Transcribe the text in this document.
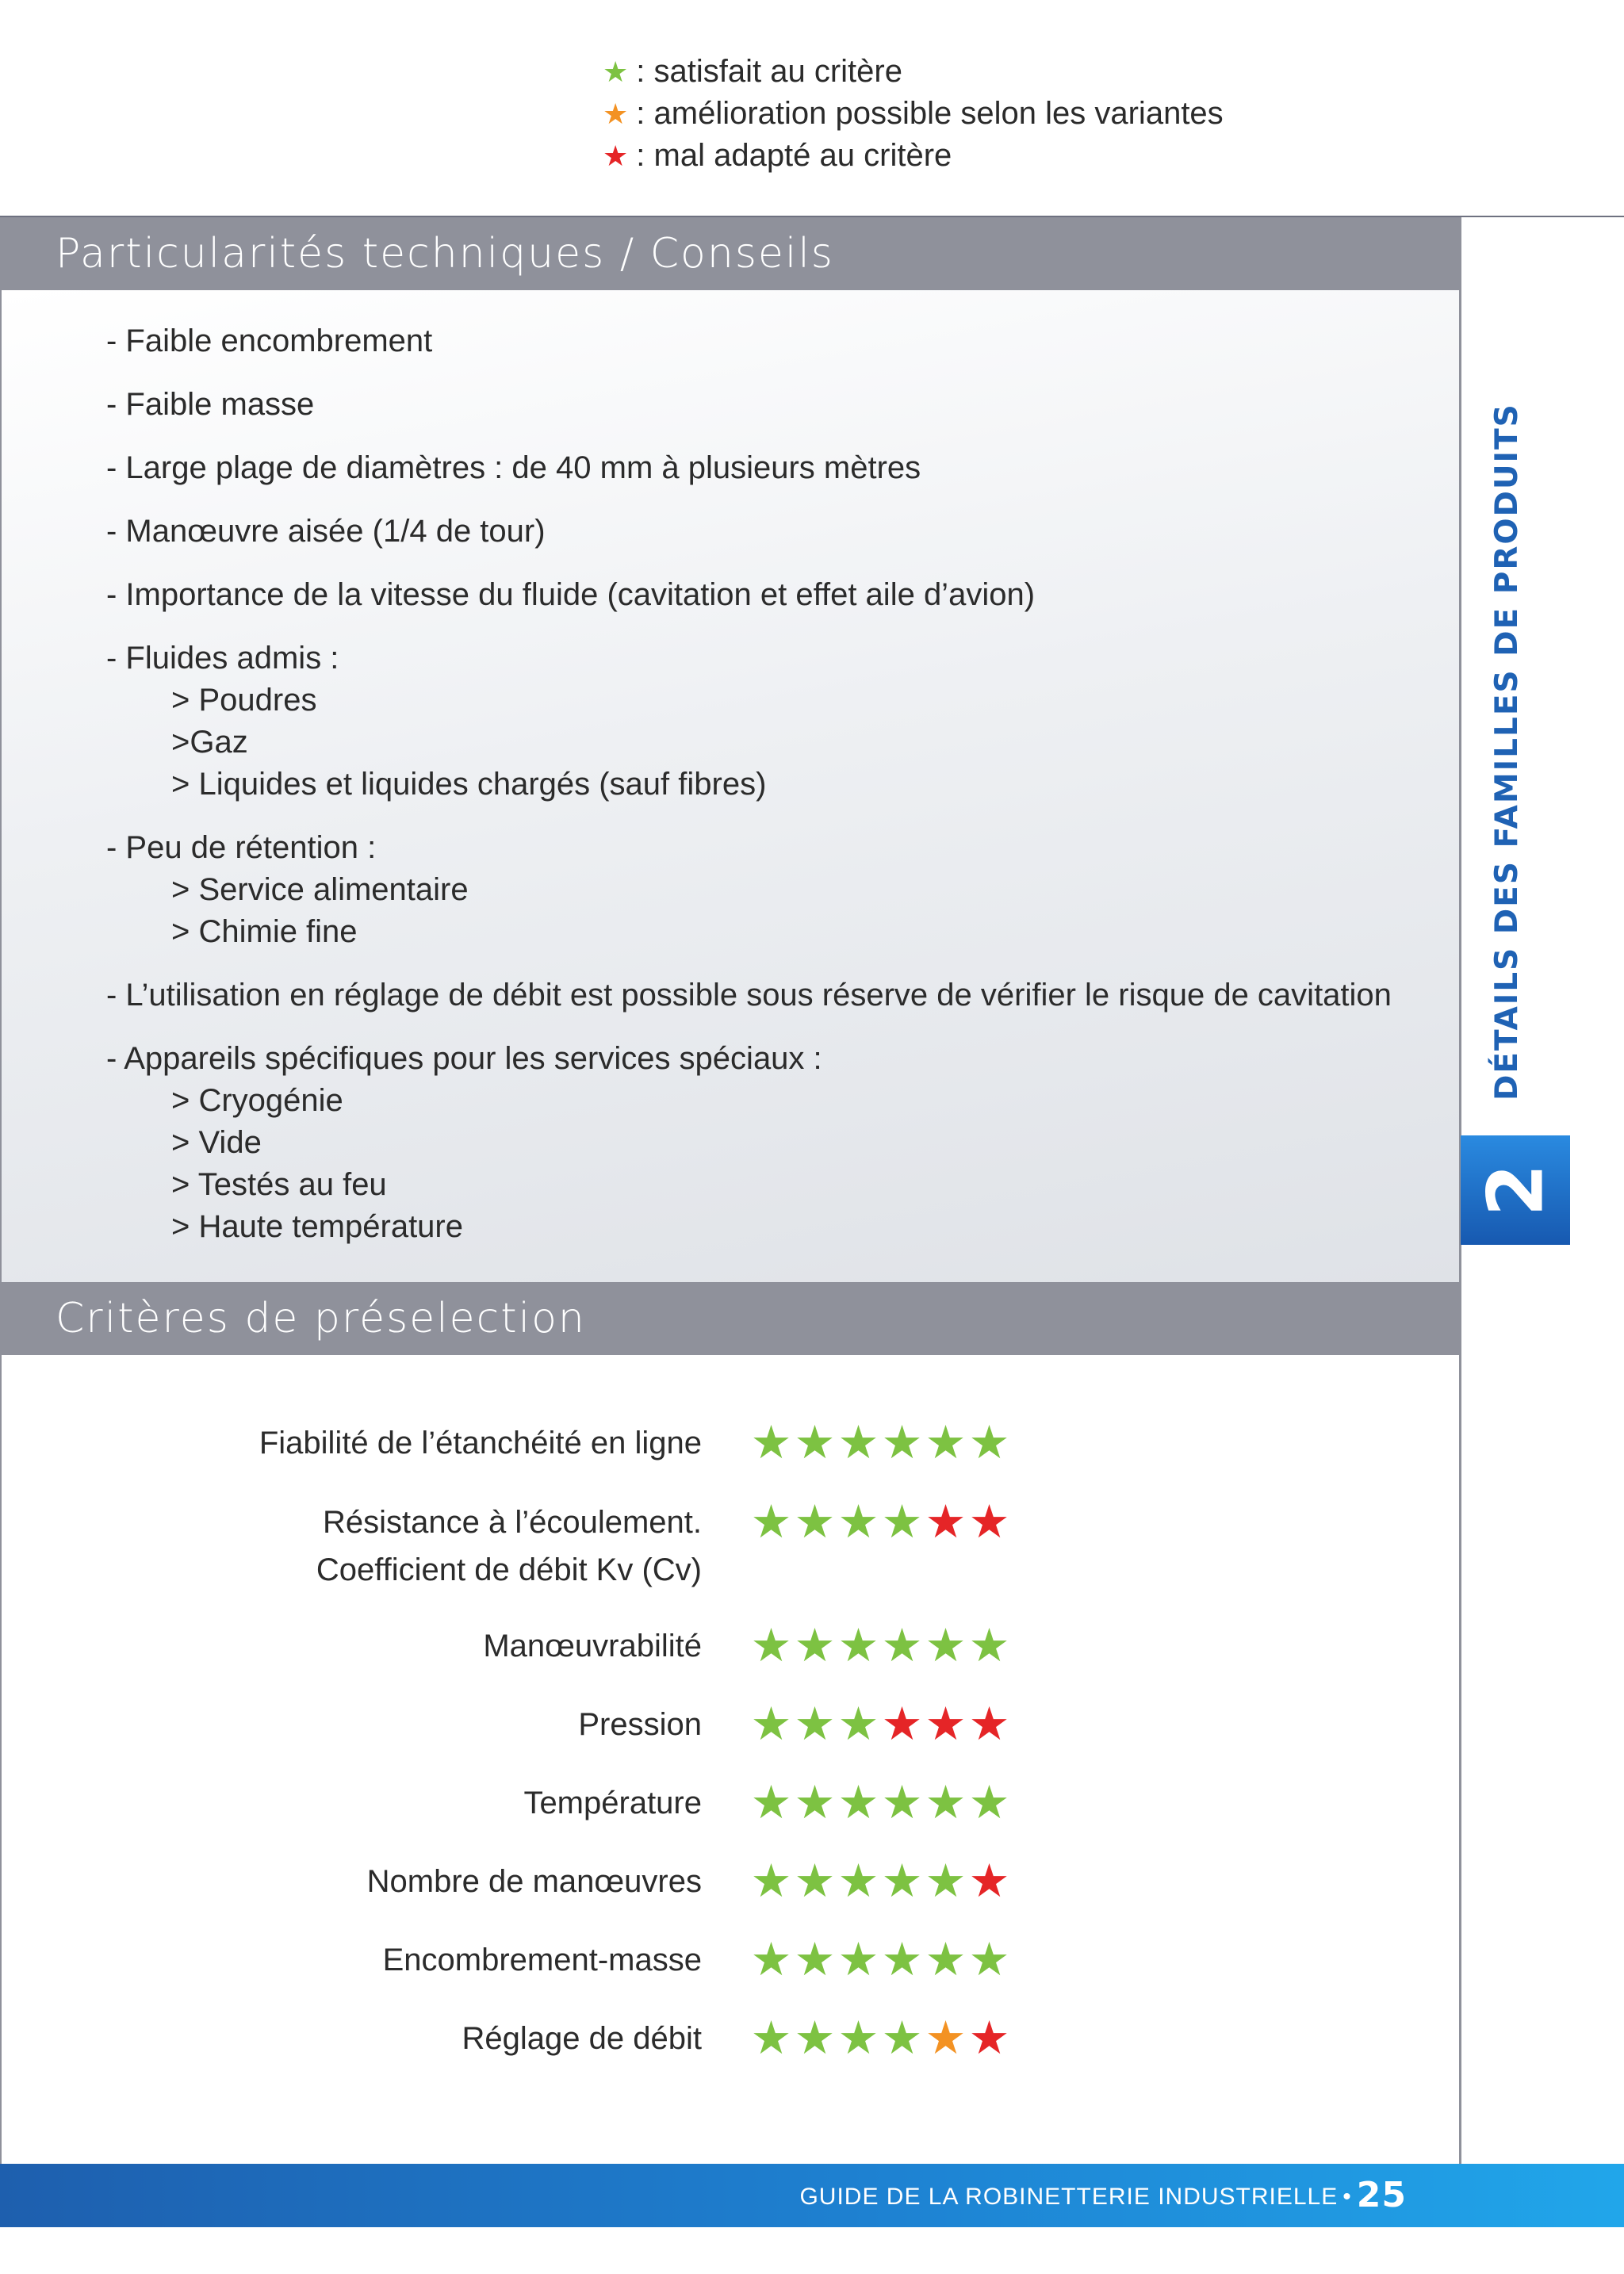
★ : satisfait au critère
★ : amélioration possible selon les variantes
★ : mal adapté au critère
Particularités techniques / Conseils
- Faible encombrement
- Faible masse
- Large plage de diamètres : de 40 mm à plusieurs mètres
- Manœuvre aisée (1/4 de tour)
- Importance de la vitesse du fluide (cavitation et effet aile d’avion)
- Fluides admis :
> Poudres
>Gaz
> Liquides et liquides chargés (sauf fibres)
- Peu de rétention :
> Service alimentaire
> Chimie fine
- L’utilisation en réglage de débit est possible sous réserve de vérifier le risque de cavitation
- Appareils spécifiques pour les services spéciaux :
> Cryogénie
> Vide
> Testés au feu
> Haute température
Critères de préselection
Fiabilité de l’étanchéité en ligne ★★★★★★
Résistance à l’écoulement.
Coefficient de débit Kv (Cv)
★★★★★★
Manœuvrabilité ★★★★★★
Pression ★★★★★★
Température ★★★★★★
Nombre de manœuvres ★★★★★★
Encombrement-masse ★★★★★★
Réglage de débit ★★★★★★
DÉTAILS DES FAMILLES DE PRODUITS
2
GUIDE DE LA ROBINETTERIE INDUSTRIELLE • 25
